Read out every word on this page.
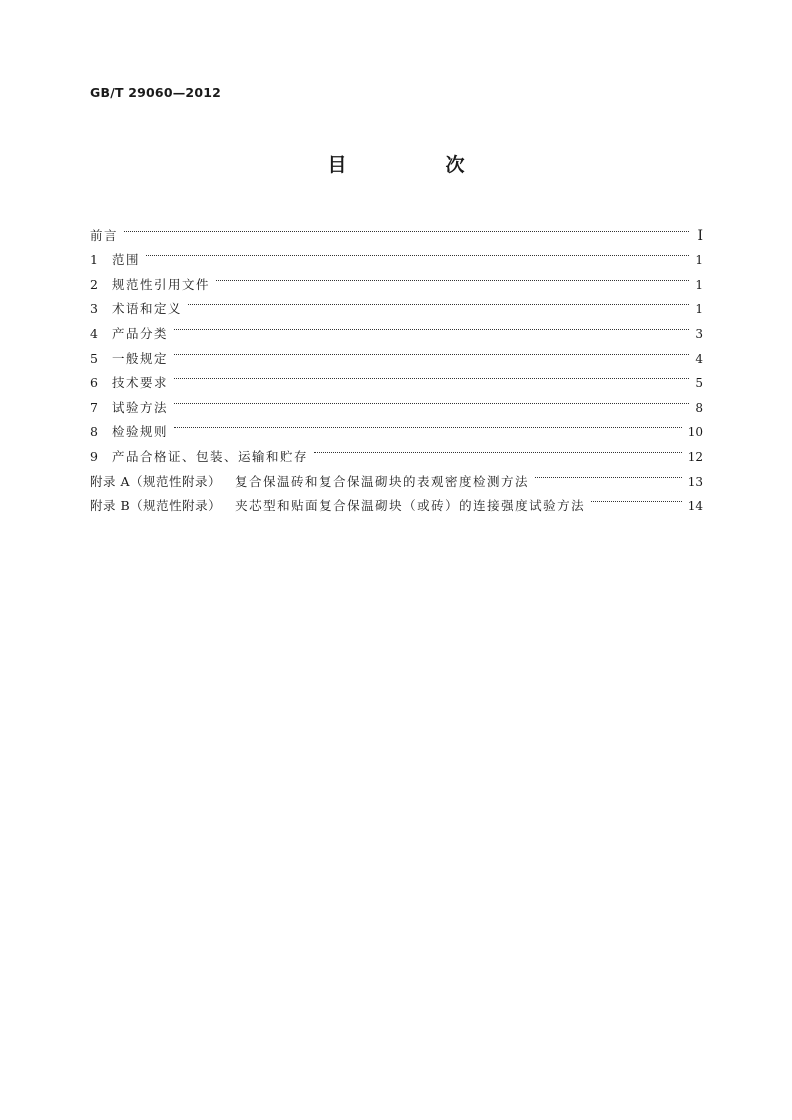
GB/T 29060—2012
目　次
前言	Ⅰ
1	范围	1
2	规范性引用文件	1
3	术语和定义	1
4	产品分类	3
5	一般规定	4
6	技术要求	5
7	试验方法	8
8	检验规则	10
9	产品合格证、包装、运输和贮存	12
附录 A（规范性附录） 复合保温砖和复合保温砌块的表观密度检测方法	13
附录 B（规范性附录） 夹芯型和贴面复合保温砌块（或砖）的连接强度试验方法	14
